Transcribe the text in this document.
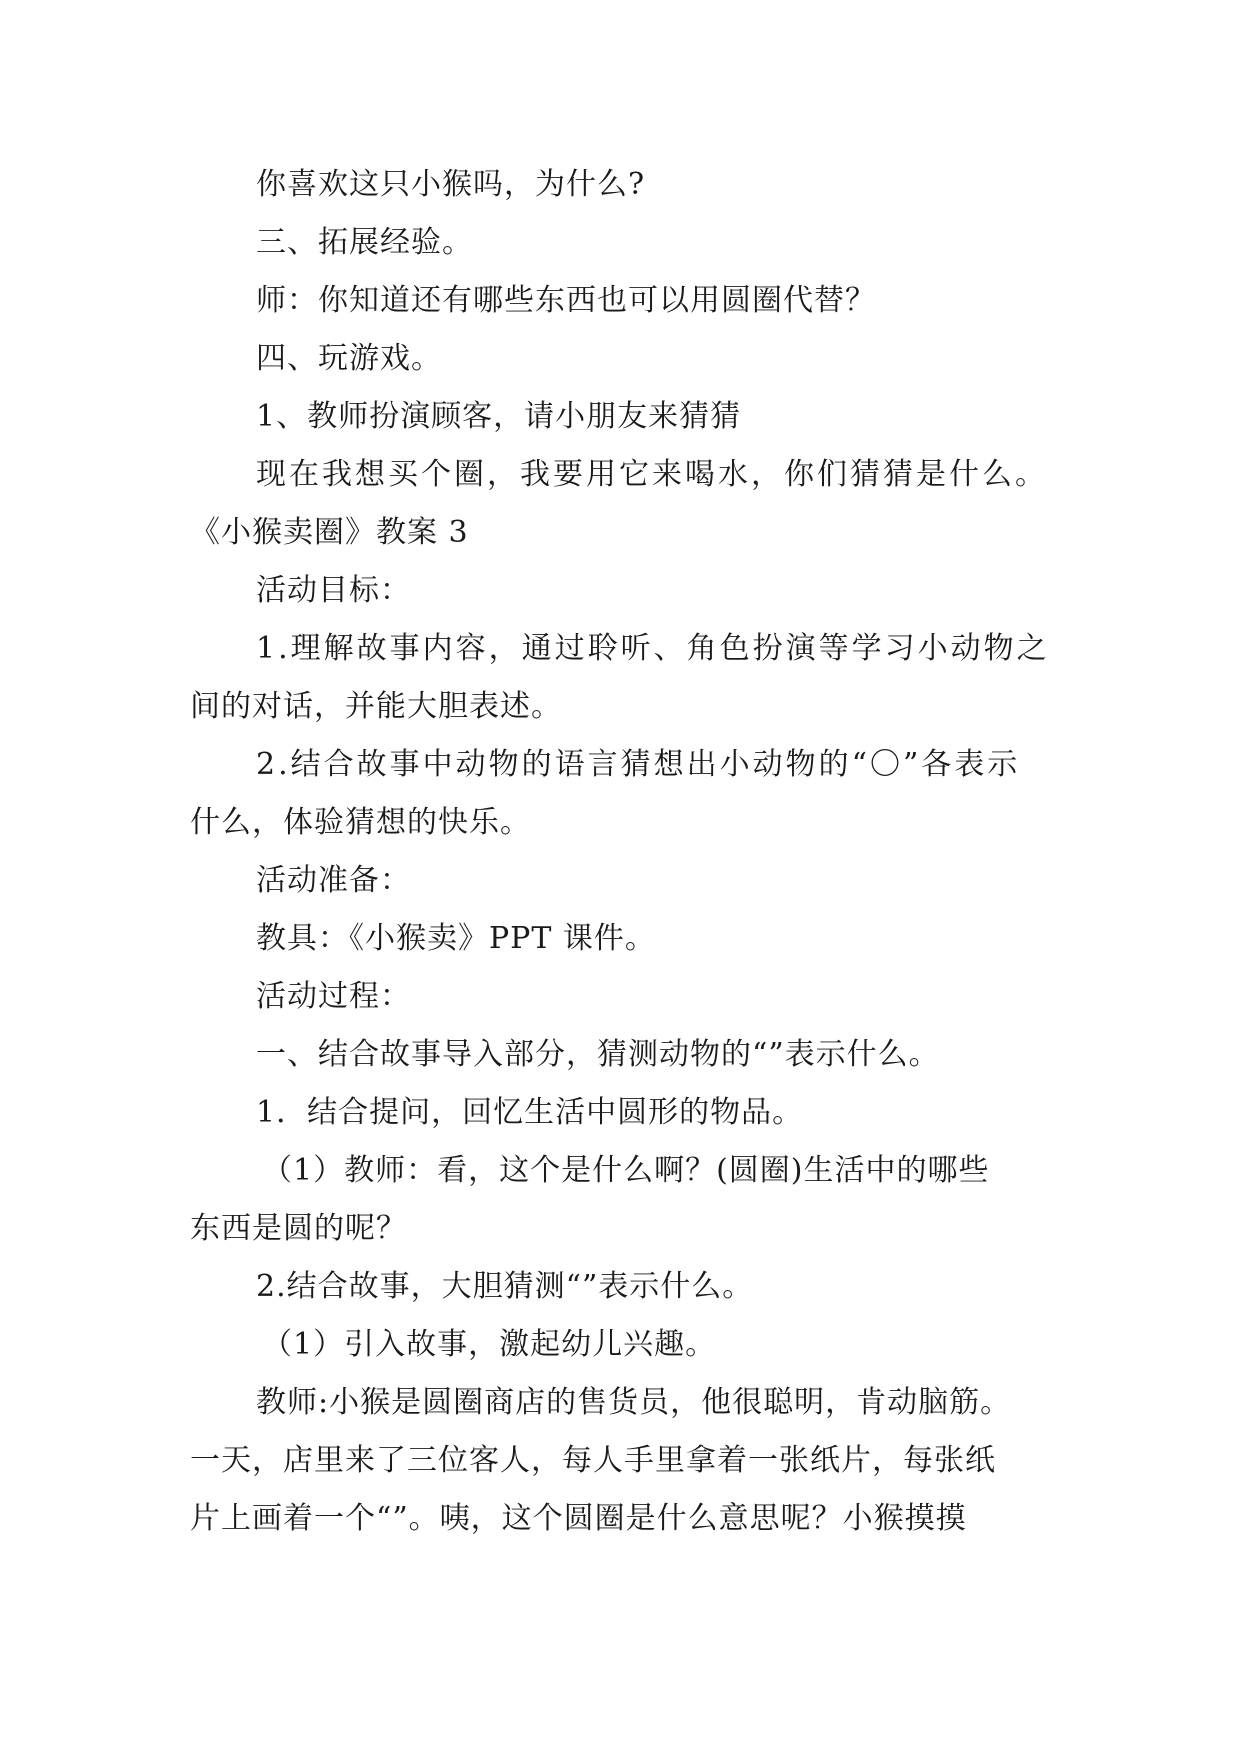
你喜欢这只小猴吗，为什么?
三、拓展经验。
师：你知道还有哪些东西也可以用圆圈代替？
四、玩游戏。
1、教师扮演顾客，请小朋友来猜猜
现在我想买个圈，我要用它来喝水，你们猜猜是什么。
《小猴卖圈》教案 3
活动目标：
1.理解故事内容，通过聆听、角色扮演等学习小动物之
间的对话，并能大胆表述。
2.结合故事中动物的语言猜想出小动物的“〇”各表示
什么，体验猜想的快乐。
活动准备：
教具：《小猴卖》PPT 课件。
活动过程：
一、结合故事导入部分，猜测动物的“”表示什么。
1．结合提问，回忆生活中圆形的物品。
（1）教师：看，这个是什么啊？(圆圈)生活中的哪些
东西是圆的呢？
2.结合故事，大胆猜测“”表示什么。
（1）引入故事，激起幼儿兴趣。
教师:小猴是圆圈商店的售货员，他很聪明，肯动脑筋。
一天，店里来了三位客人，每人手里拿着一张纸片，每张纸
片上画着一个“”。咦，这个圆圈是什么意思呢？小猴摸摸
